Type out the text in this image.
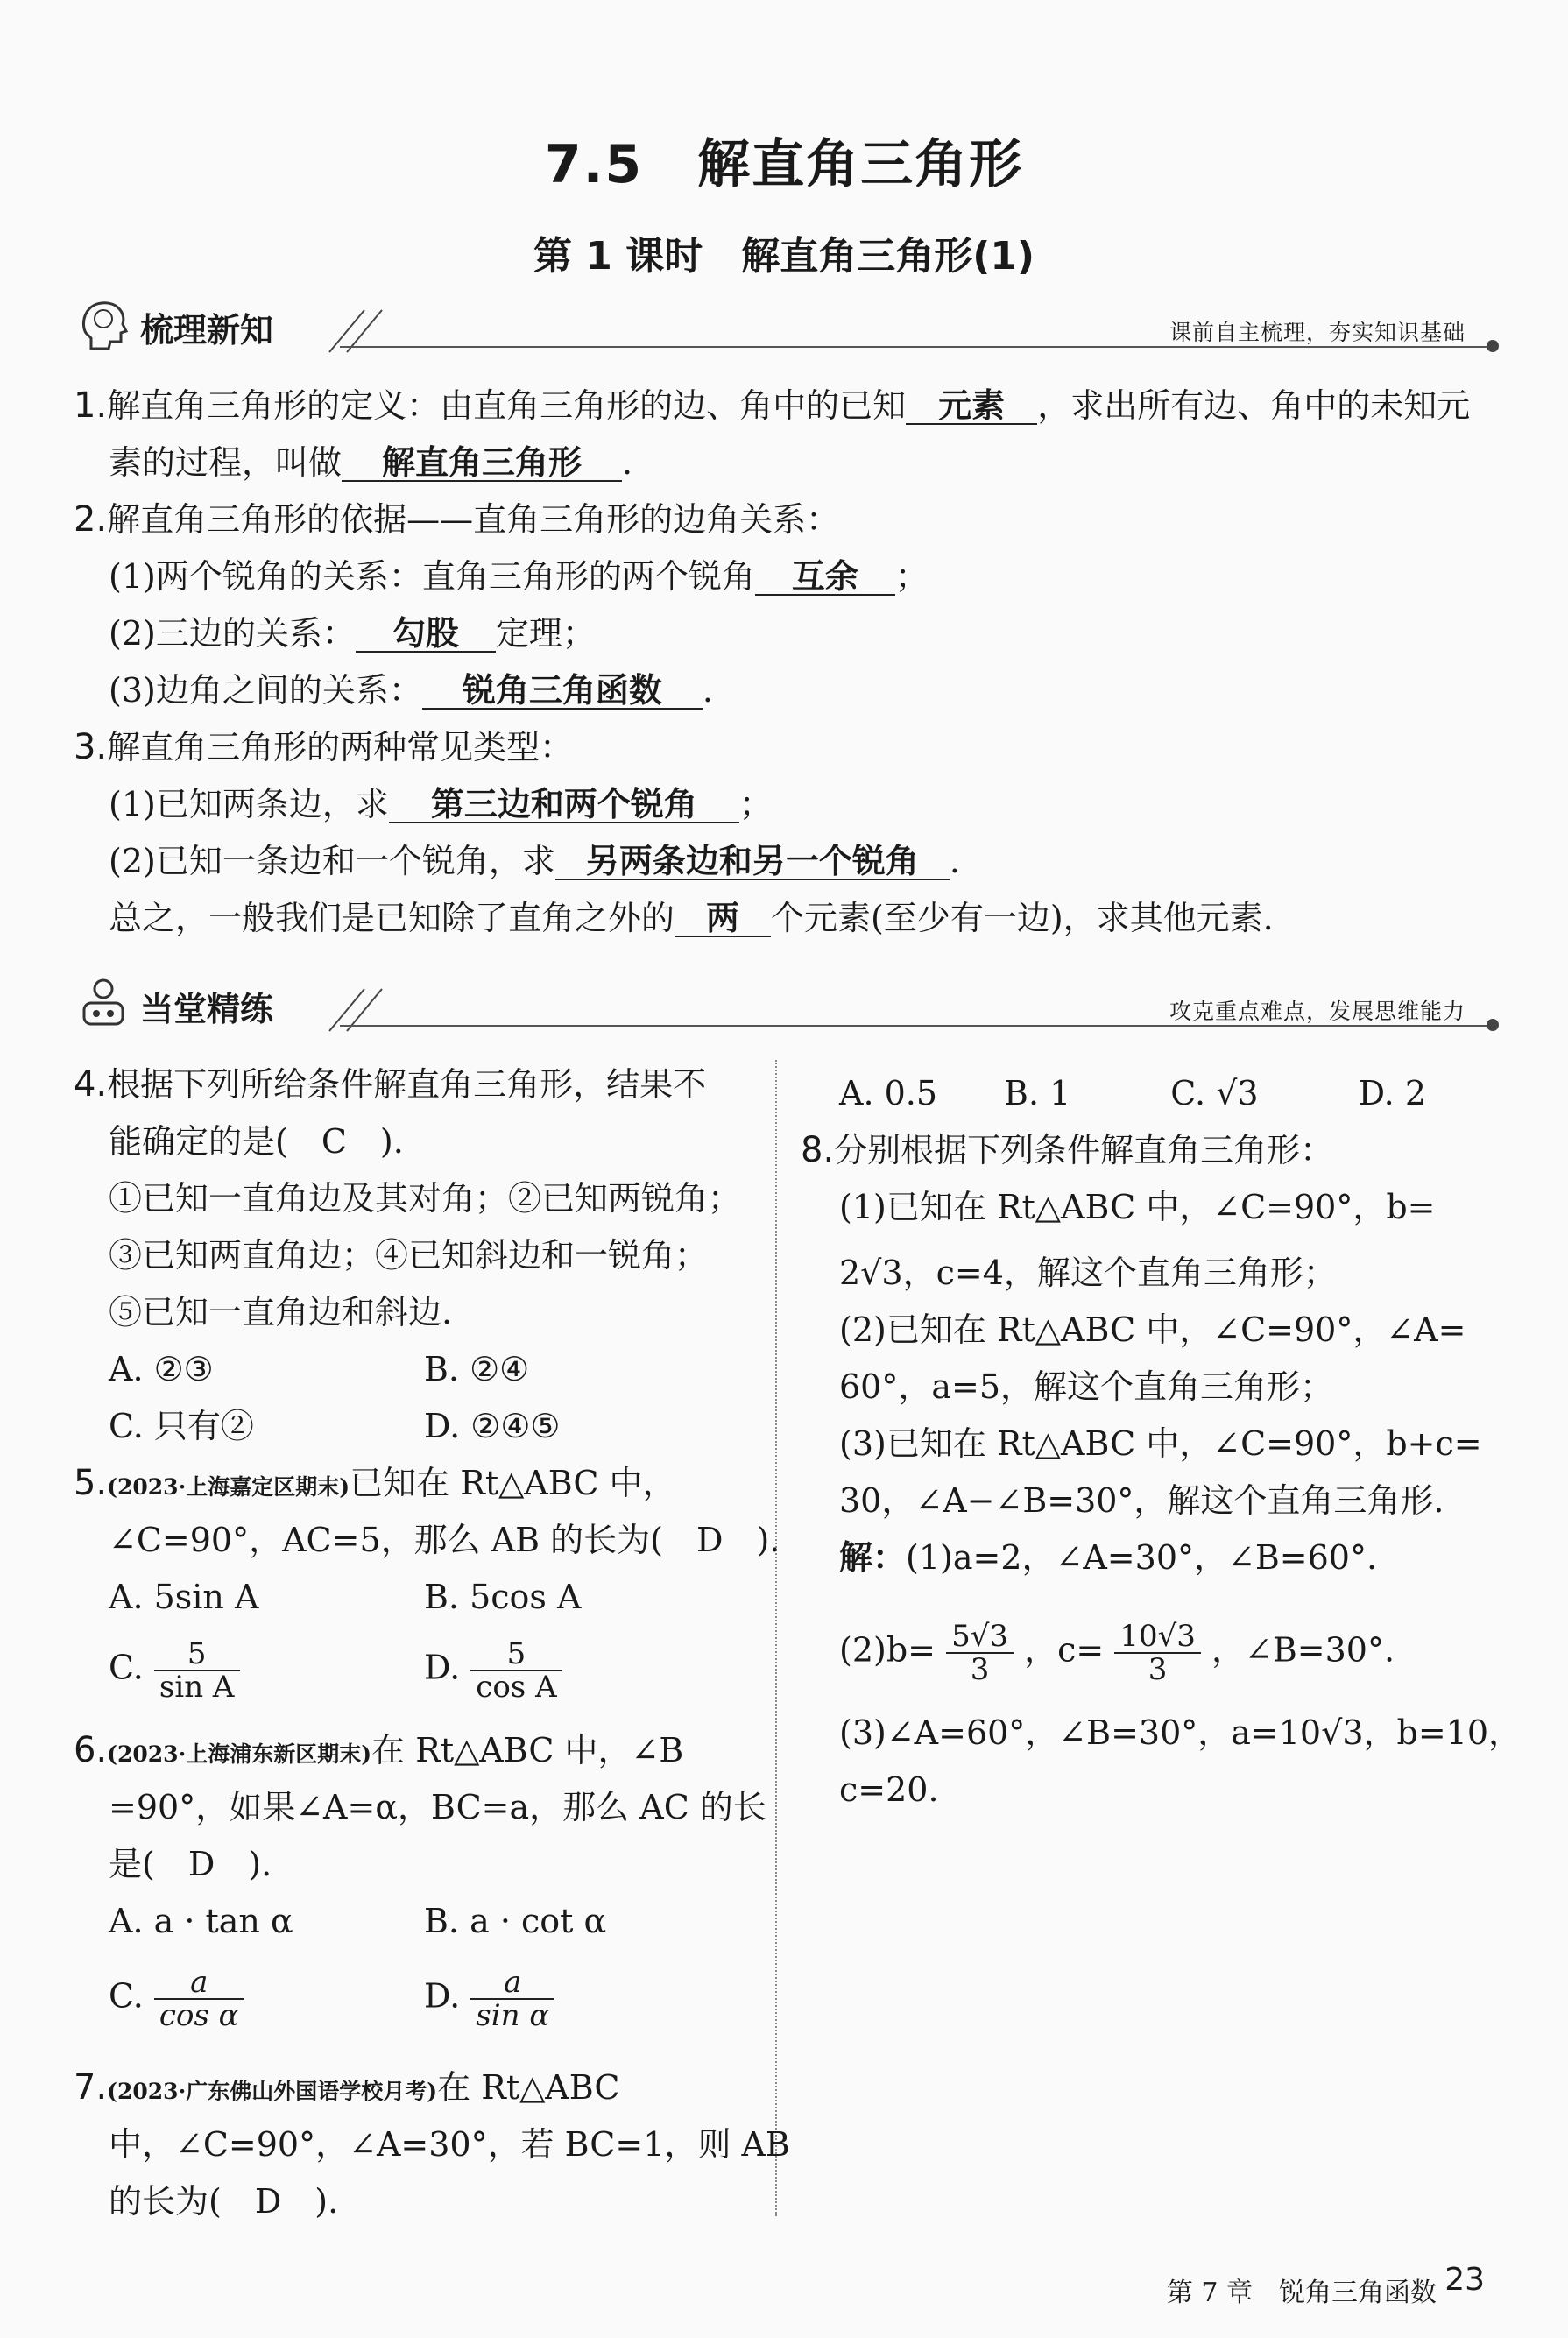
7.5　解直角三角形
第 1 课时　解直角三角形(1)
梳理新知	课前自主梳理，夯实知识基础
1.解直角三角形的定义：由直角三角形的边、角中的已知 元素 ，求出所有边、角中的未知元
素的过程，叫做 解直角三角形 .
2.解直角三角形的依据——直角三角形的边角关系：
(1)两个锐角的关系：直角三角形的两个锐角 互余 ；
(2)三边的关系： 勾股 定理；
(3)边角之间的关系： 锐角三角函数 .
3.解直角三角形的两种常见类型：
(1)已知两条边，求 第三边和两个锐角 ；
(2)已知一条边和一个锐角，求 另两条边和另一个锐角 .
总之，一般我们是已知除了直角之外的 两 个元素(至少有一边)，求其他元素.
当堂精练	攻克重点难点，发展思维能力
4.根据下列所给条件解直角三角形，结果不
能确定的是(　C　).
①已知一直角边及其对角；②已知两锐角；
③已知两直角边；④已知斜边和一锐角；
⑤已知一直角边和斜边.
A. ②③	B. ②④
C. 只有②	D. ②④⑤
5.(2023·上海嘉定区期末)已知在 Rt△ABC 中，
∠C=90°，AC=5，那么 AB 的长为(　D　).
A. 5sin A	B. 5cos A
C. $\frac{5}{\text{sin A}}$	D. $\frac{5}{\text{cos A}}$
6.(2023·上海浦东新区期末)在 Rt△ABC 中，∠B
=90°，如果∠A=α，BC=a，那么 AC 的长
是(　D　).
A. a · tan α	B. a · cot α
C. $\frac{a}{\text{cos α}}$	D. $\frac{a}{\text{sin α}}$
7.(2023·广东佛山外国语学校月考)在 Rt△ABC
中，∠C=90°，∠A=30°，若 BC=1，则 AB
的长为(　D　).
A. 0.5　　B. 1　　　C. √3　　　D. 2
8.分别根据下列条件解直角三角形：
(1)已知在 Rt△ABC 中，∠C=90°，b=
2√3，c=4，解这个直角三角形；
(2)已知在 Rt△ABC 中，∠C=90°，∠A=
60°，a=5，解这个直角三角形；
(3)已知在 Rt△ABC 中，∠C=90°，b+c=
30，∠A−∠B=30°，解这个直角三角形.
解：(1)a=2，∠A=30°，∠B=60°.
$(2)b= \frac{5√3}{3}$ ，$c= \frac{10√3}{3}$ ，∠B=30°.
(3)∠A=60°，∠B=30°，a=10√3，b=10，
c=20.
第 7 章　锐角三角函数 23
